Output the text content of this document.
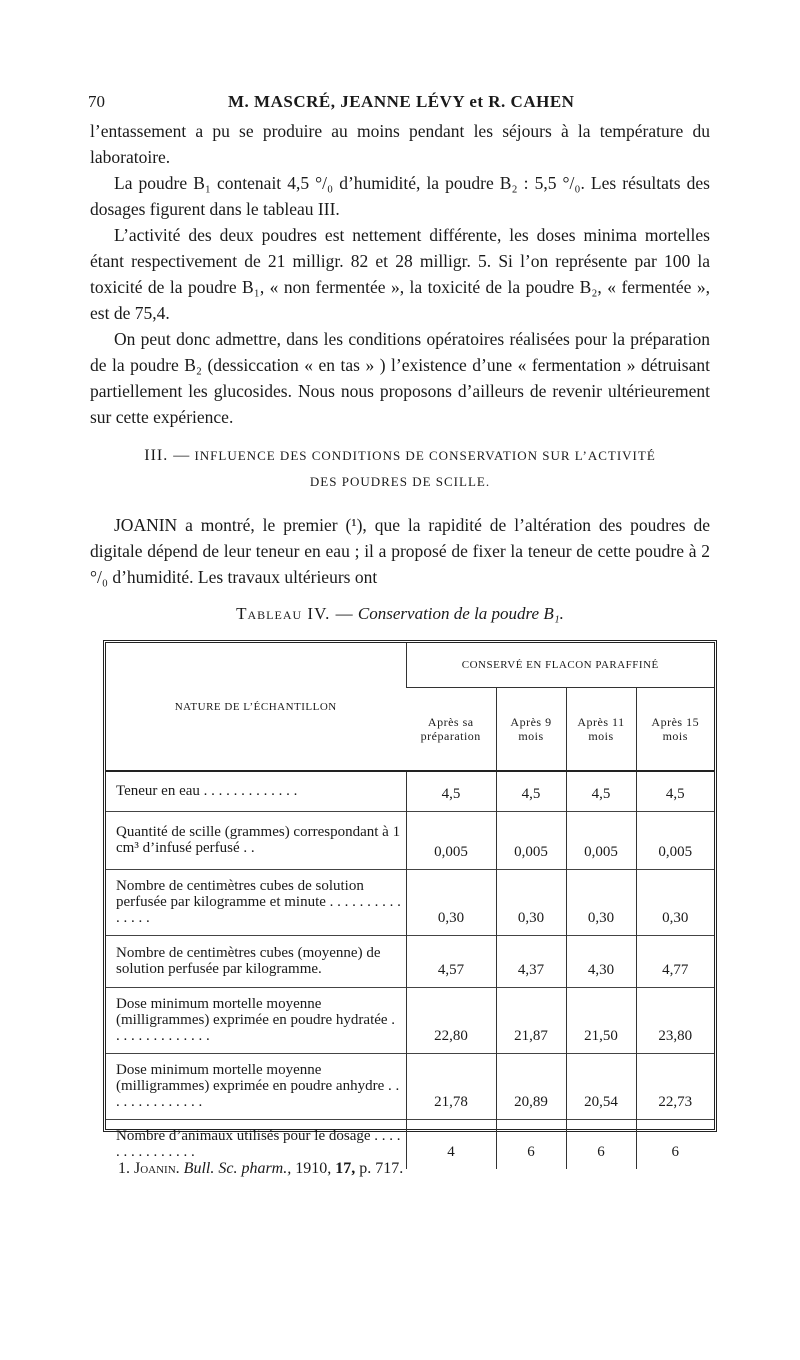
70	M. MASCRÉ, JEANNE LÉVY et R. CAHEN

l’entassement a pu se produire au moins pendant les séjours à la température du laboratoire.

La poudre B₁ contenait 4,5 °/₀ d’humidité, la poudre B₂ : 5,5 °/₀. Les résultats des dosages figurent dans le tableau III.

L’activité des deux poudres est nettement différente, les doses minima mortelles étant respectivement de 21 milligr. 82 et 28 milligr. 5. Si l’on représente par 100 la toxicité de la poudre B₁, « non fermentée », la toxicité de la poudre B₂, « fermentée », est de 75,4.

On peut donc admettre, dans les conditions opératoires réalisées pour la préparation de la poudre B₂ (dessiccation « en tas » ) l’existence d’une « fermentation » détruisant partiellement les glucosides. Nous nous proposons d’ailleurs de revenir ultérieurement sur cette expérience.

III. — INFLUENCE DES CONDITIONS DE CONSERVATION SUR L’ACTIVITÉ
DES POUDRES DE SCILLE.

JOANIN a montré, le premier (¹), que la rapidité de l’altération des poudres de digitale dépend de leur teneur en eau ; il a proposé de fixer la teneur de cette poudre à 2 °/₀ d’humidité. Les travaux ultérieurs ont

Tableau IV. — Conservation de la poudre B₁.
NATURE DE L’ÉCHANTILLON	CONSERVÉ EN FLACON PARAFFINÉ			
	Après sa préparation	Après 9 mois	Après 11 mois	Après 15 mois
Teneur en eau . . . . . . . . . . . . .	4,5	4,5	4,5	4,5
Quantité de scille (grammes) correspondant à 1 cm³ d’infusé perfusé . .	0,005	0,005	0,005	0,005
Nombre de centimètres cubes de solution perfusée par kilogramme et minute . . . . . . . . . . . . . . .	0,30	0,30	0,30	0,30
Nombre de centimètres cubes (moyenne) de solution perfusée par kilogramme.	4,57	4,37	4,30	4,77
Dose minimum mortelle moyenne (milligrammes) exprimée en poudre hydratée . . . . . . . . . . . . . .	22,80	21,87	21,50	23,80
Dose minimum mortelle moyenne (milligrammes) exprimée en poudre anhydre . . . . . . . . . . . . . .	21,78	20,89	20,54	22,73
Nombre d’animaux utilisés pour le dosage . . . . . . . . . . . . . . .	4	6	6	6
1. Joanin. Bull. Sc. pharm., 1910, 17, p. 717.
